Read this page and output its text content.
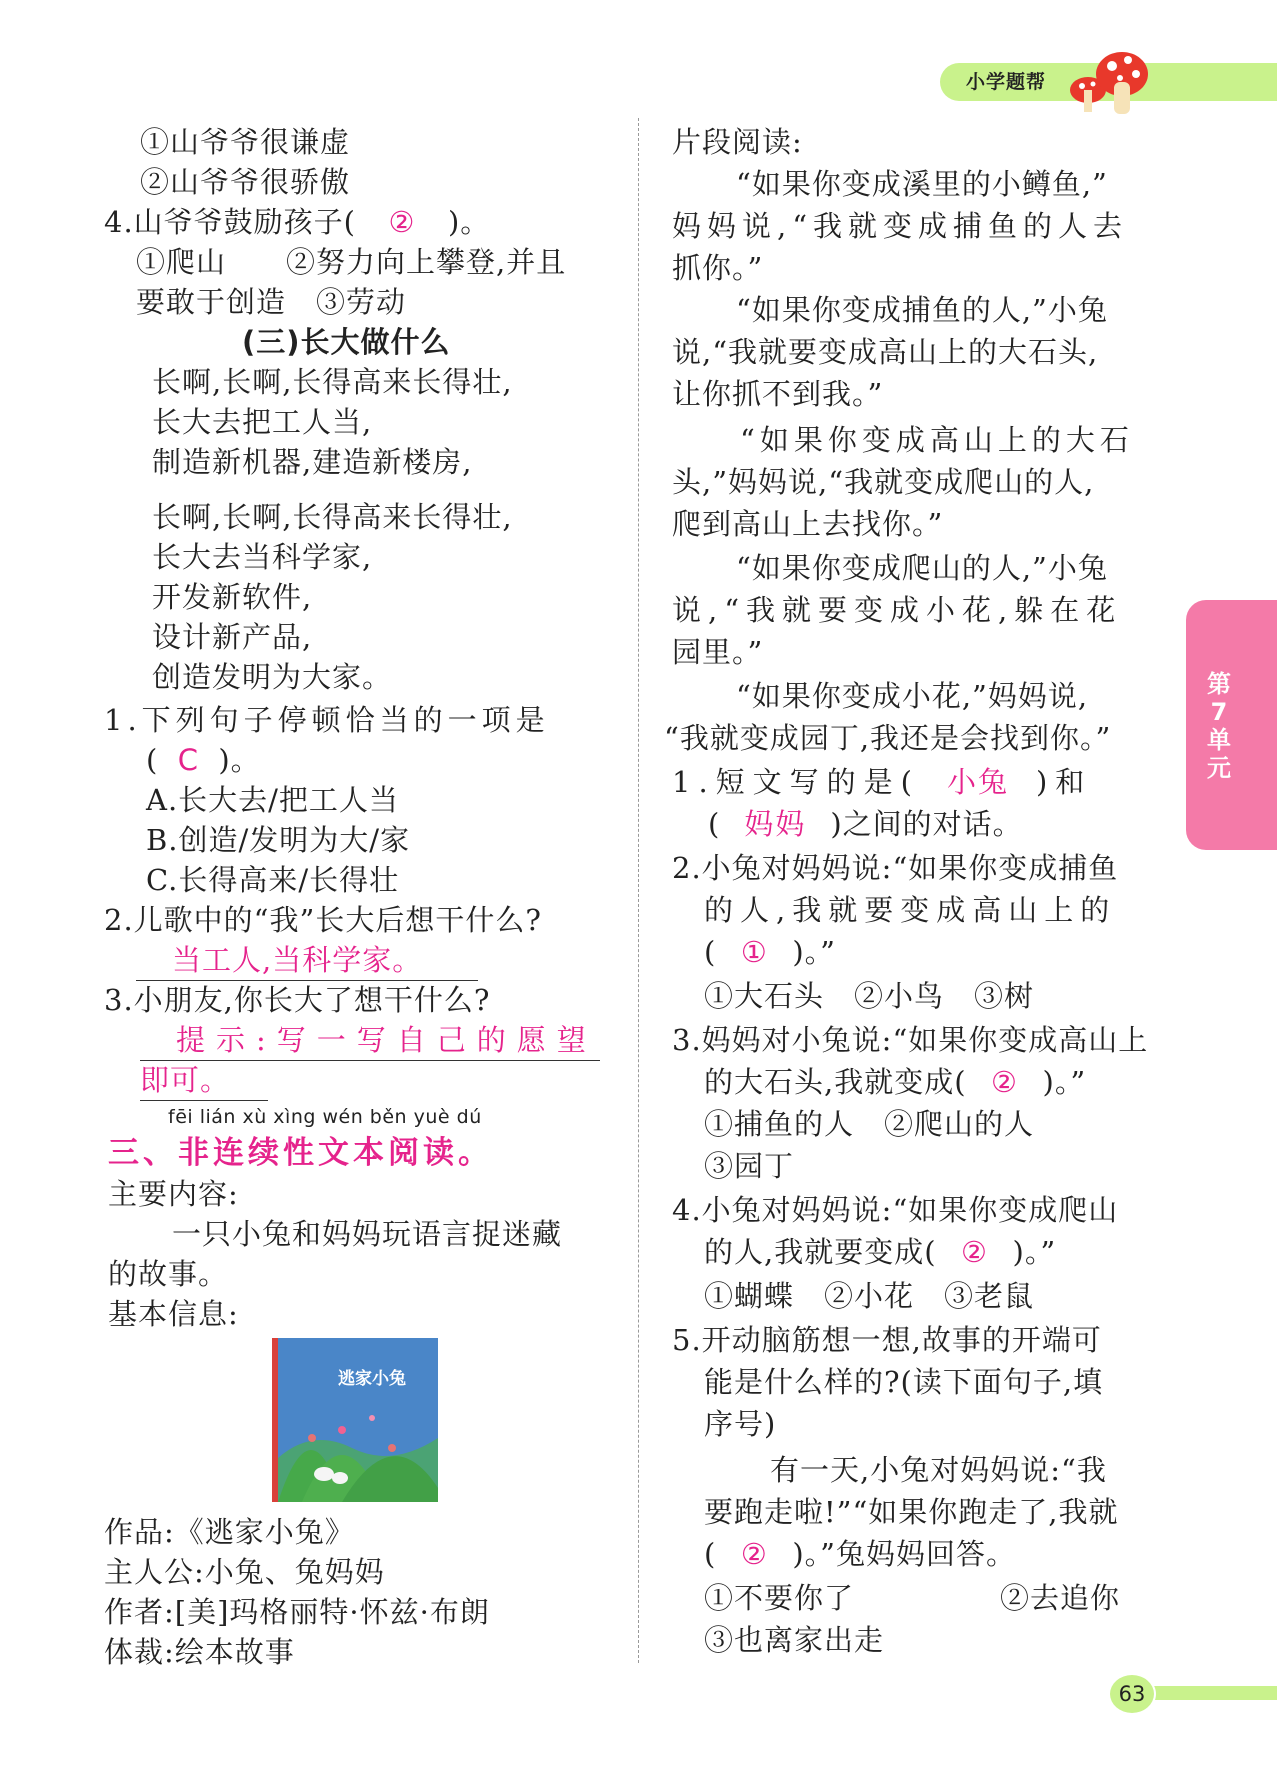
小学题帮
第
7
单
元
63
①山爷爷很谦虚
②山爷爷很骄傲
4.山爷爷鼓励孩子( ② )。
①爬山　　②努力向上攀登,并且
要敢于创造　③劳动
(三)长大做什么
长啊,长啊,长得高来长得壮,
长大去把工人当,
制造新机器,建造新楼房,
长啊,长啊,长得高来长得壮,
长大去当科学家,
开发新软件,
设计新产品,
创造发明为大家。
1.下列句子停顿恰当的一项是
( C )。
A.长大去/把工人当
B.创造/发明为大/家
C.长得高来/长得壮
2.儿歌中的“我”长大后想干什么?
当工人,当科学家。
3.小朋友,你长大了想干什么?
提示:写一写自己的愿望
即可。
fēi lián xù xìng wén běn yuè dú
三、非连续性文本阅读。
主要内容:
一只小兔和妈妈玩语言捉迷藏
的故事。
基本信息:
逃家小兔
作品:《逃家小兔》
主人公:小兔、兔妈妈
作者:[美]玛格丽特·怀兹·布朗
体裁:绘本故事
片段阅读:
“如果你变成溪里的小鳟鱼,”
妈妈说,“我就变成捕鱼的人去
抓你。”
“如果你变成捕鱼的人,”小兔
说,“我就要变成高山上的大石头,
让你抓不到我。”
“如果你变成高山上的大石
头,”妈妈说,“我就变成爬山的人,
爬到高山上去找你。”
“如果你变成爬山的人,”小兔
说,“我就要变成小花,躲在花
园里。”
“如果你变成小花,”妈妈说,
“我就变成园丁,我还是会找到你。”
1.短文写的是( 小兔 )和
( 妈妈 )之间的对话。
2.小兔对妈妈说:“如果你变成捕鱼
的人,我就要变成高山上的
( ① )。”
①大石头　②小鸟　③树
3.妈妈对小兔说:“如果你变成高山上
的大石头,我就变成( ② )。”
①捕鱼的人　②爬山的人
③园丁
4.小兔对妈妈说:“如果你变成爬山
的人,我就要变成( ② )。”
①蝴蝶　②小花　③老鼠
5.开动脑筋想一想,故事的开端可
能是什么样的?(读下面句子,填
序号)
有一天,小兔对妈妈说:“我
要跑走啦!”“如果你跑走了,我就
( ② )。”兔妈妈回答。
①不要你了	②去追你
③也离家出走
